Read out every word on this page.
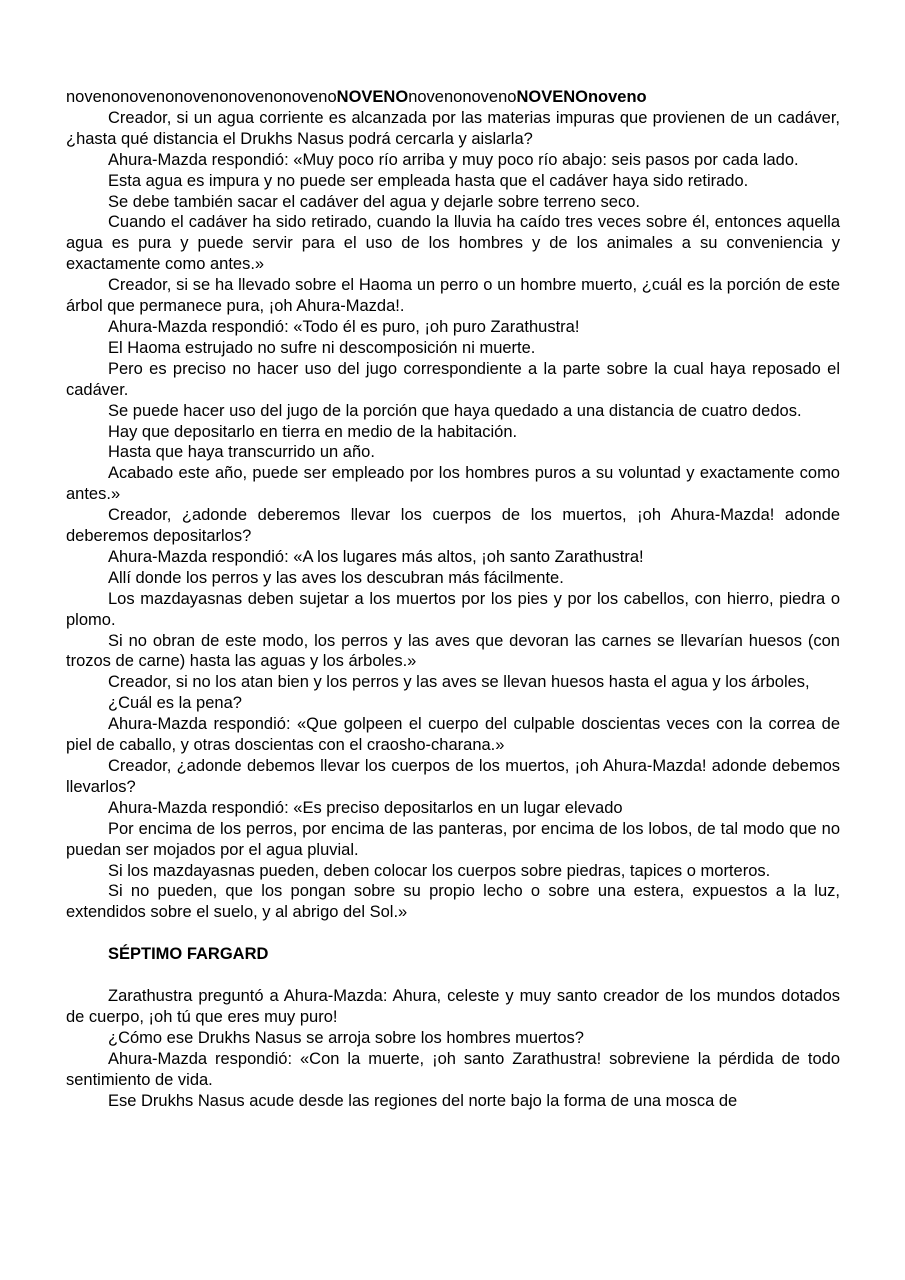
novenonovenonovenonovenonovenoNOVENOnovenonovenoNOVENOnoveno

Creador, si un agua corriente es alcanzada por las materias impuras que provienen de un cadáver, ¿hasta qué distancia el Drukhs Nasus podrá cercarla y aislarla?

Ahura-Mazda respondió: «Muy poco río arriba y muy poco río abajo: seis pasos por cada lado.

Esta agua es impura y no puede ser empleada hasta que el cadáver haya sido retirado.

Se debe también sacar el cadáver del agua y dejarle sobre terreno seco.

Cuando el cadáver ha sido retirado, cuando la lluvia ha caído tres veces sobre él, entonces aquella agua es pura y puede servir para el uso de los hombres y de los animales a su conveniencia y exactamente como antes.»

Creador, si se ha llevado sobre el Haoma un perro o un hombre muerto, ¿cuál es la porción de este árbol que permanece pura, ¡oh Ahura-Mazda!.

Ahura-Mazda respondió: «Todo él es puro, ¡oh puro Zarathustra!

El Haoma estrujado no sufre ni descomposición ni muerte.

Pero es preciso no hacer uso del jugo correspondiente a la parte sobre la cual haya reposado el cadáver.

Se puede hacer uso del jugo de la porción que haya quedado a una distancia de cuatro dedos.

Hay que depositarlo en tierra en medio de la habitación.

Hasta que haya transcurrido un año.

Acabado este año, puede ser empleado por los hombres puros a su voluntad y exactamente como antes.»

Creador, ¿adonde deberemos llevar los cuerpos de los muertos, ¡oh Ahura-Mazda! adonde deberemos depositarlos?

Ahura-Mazda respondió: «A los lugares más altos, ¡oh santo Zarathustra!

Allí donde los perros y las aves los descubran más fácilmente.

Los mazdayasnas deben sujetar a los muertos por los pies y por los cabellos, con hierro, piedra o plomo.

Si no obran de este modo, los perros y las aves que devoran las carnes se llevarían huesos (con trozos de carne) hasta las aguas y los árboles.»

Creador, si no los atan bien y los perros y las aves se llevan huesos hasta el agua y los árboles,

¿Cuál es la pena?

Ahura-Mazda respondió: «Que golpeen el cuerpo del culpable doscientas veces con la correa de piel de caballo, y otras doscientas con el craosho-charana.»

Creador, ¿adonde debemos llevar los cuerpos de los muertos, ¡oh Ahura-Mazda! adonde debemos llevarlos?

Ahura-Mazda respondió: «Es preciso depositarlos en un lugar elevado

Por encima de los perros, por encima de las panteras, por encima de los lobos, de tal modo que no puedan ser mojados por el agua pluvial.

Si los mazdayasnas pueden, deben colocar los cuerpos sobre piedras, tapices o morteros.

Si no pueden, que los pongan sobre su propio lecho o sobre una estera, expuestos a la luz, extendidos sobre el suelo, y al abrigo del Sol.»

SÉPTIMO FARGARD

Zarathustra preguntó a Ahura-Mazda: Ahura, celeste y muy santo creador de los mundos dotados de cuerpo, ¡oh tú que eres muy puro!

¿Cómo ese Drukhs Nasus se arroja sobre los hombres muertos?

Ahura-Mazda respondió: «Con la muerte, ¡oh santo Zarathustra! sobreviene la pérdida de todo sentimiento de vida.

Ese Drukhs Nasus acude desde las regiones del norte bajo la forma de una mosca de
